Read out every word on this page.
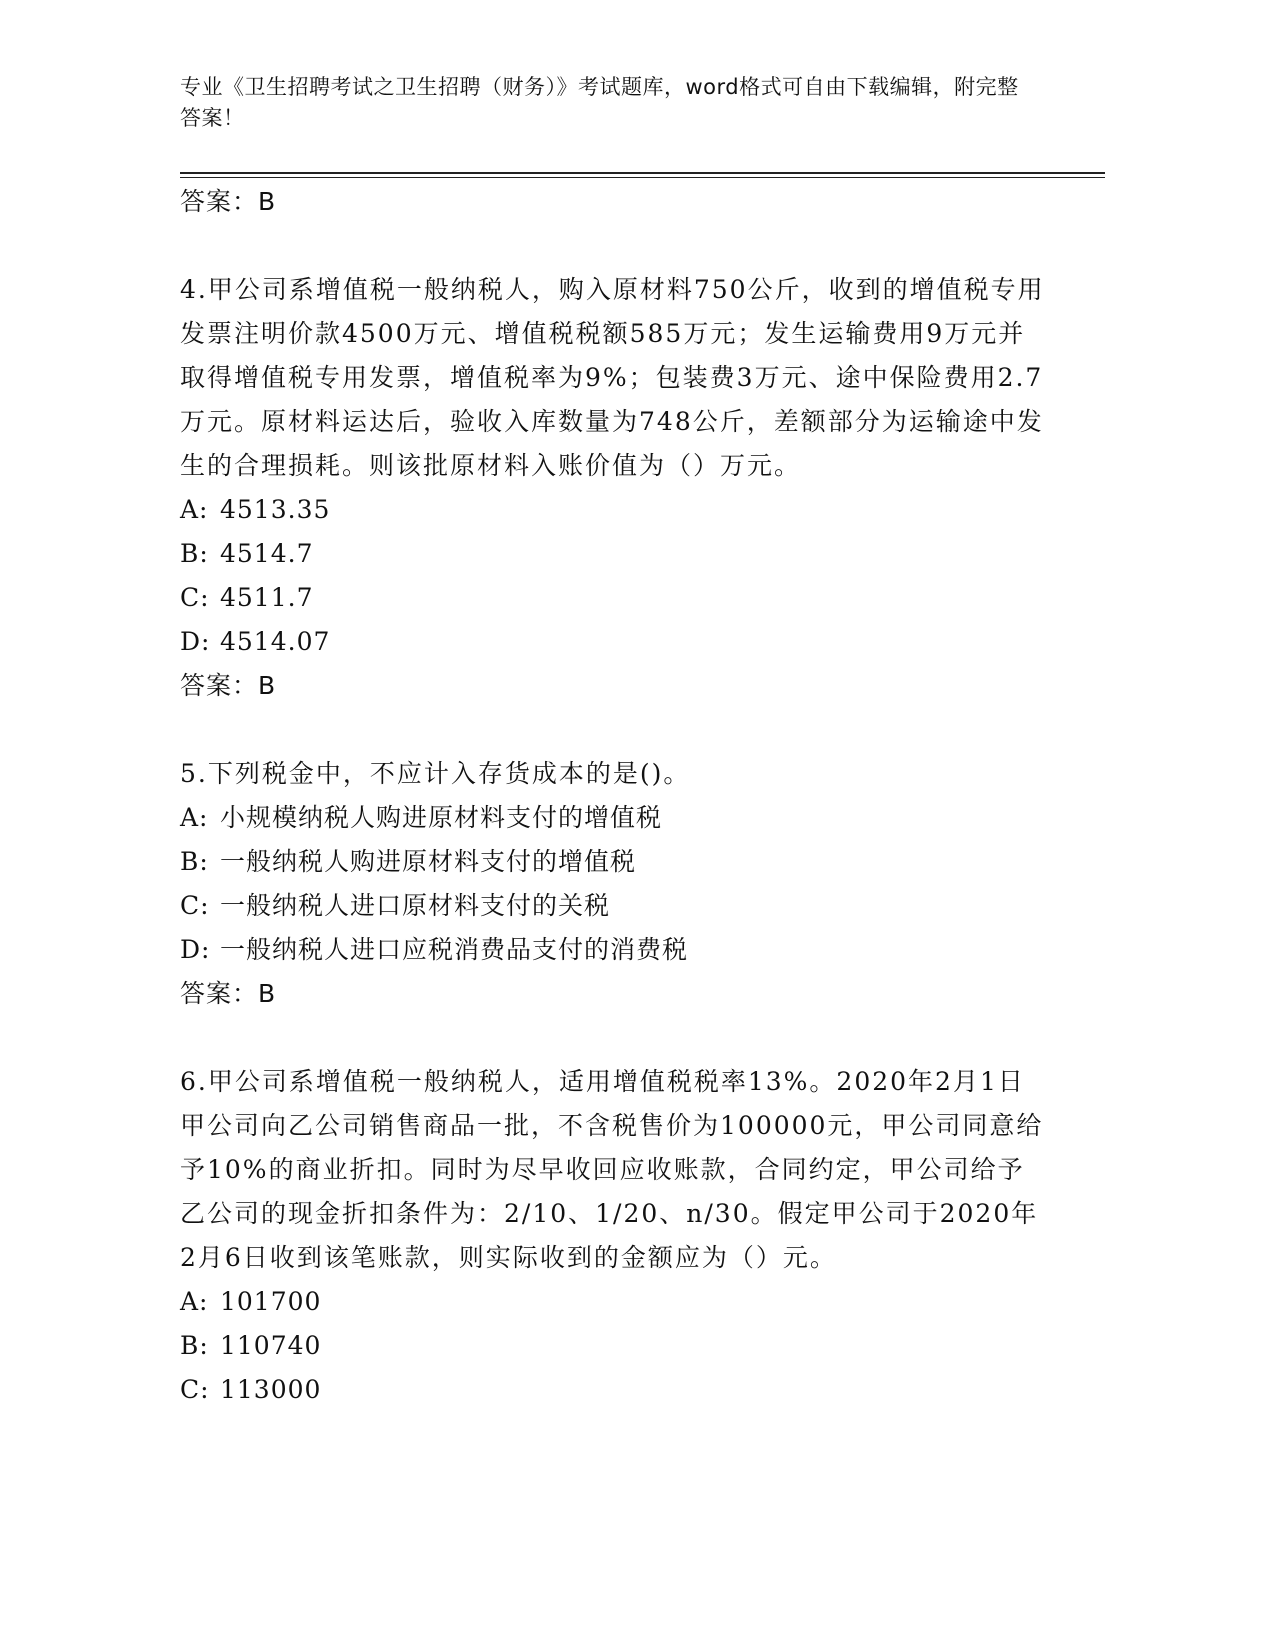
专业《卫生招聘考试之卫生招聘（财务）》考试题库，word格式可自由下载编辑，附完整答案！
答案：B
4.甲公司系增值税一般纳税人，购入原材料750公斤，收到的增值税专用发票注明价款4500万元、增值税税额585万元；发生运输费用9万元并取得增值税专用发票，增值税率为9%；包装费3万元、途中保险费用2.7万元。原材料运达后，验收入库数量为748公斤，差额部分为运输途中发生的合理损耗。则该批原材料入账价值为（）万元。
A: 4513.35
B: 4514.7
C: 4511.7
D: 4514.07
答案：B
5.下列税金中，不应计入存货成本的是()。
A: 小规模纳税人购进原材料支付的增值税
B: 一般纳税人购进原材料支付的增值税
C: 一般纳税人进口原材料支付的关税
D: 一般纳税人进口应税消费品支付的消费税
答案：B
6.甲公司系增值税一般纳税人，适用增值税税率13%。2020年2月1日甲公司向乙公司销售商品一批，不含税售价为100000元，甲公司同意给予10%的商业折扣。同时为尽早收回应收账款，合同约定，甲公司给予乙公司的现金折扣条件为：2/10、1/20、n/30。假定甲公司于2020年2月6日收到该笔账款，则实际收到的金额应为（）元。
A: 101700
B: 110740
C: 113000
